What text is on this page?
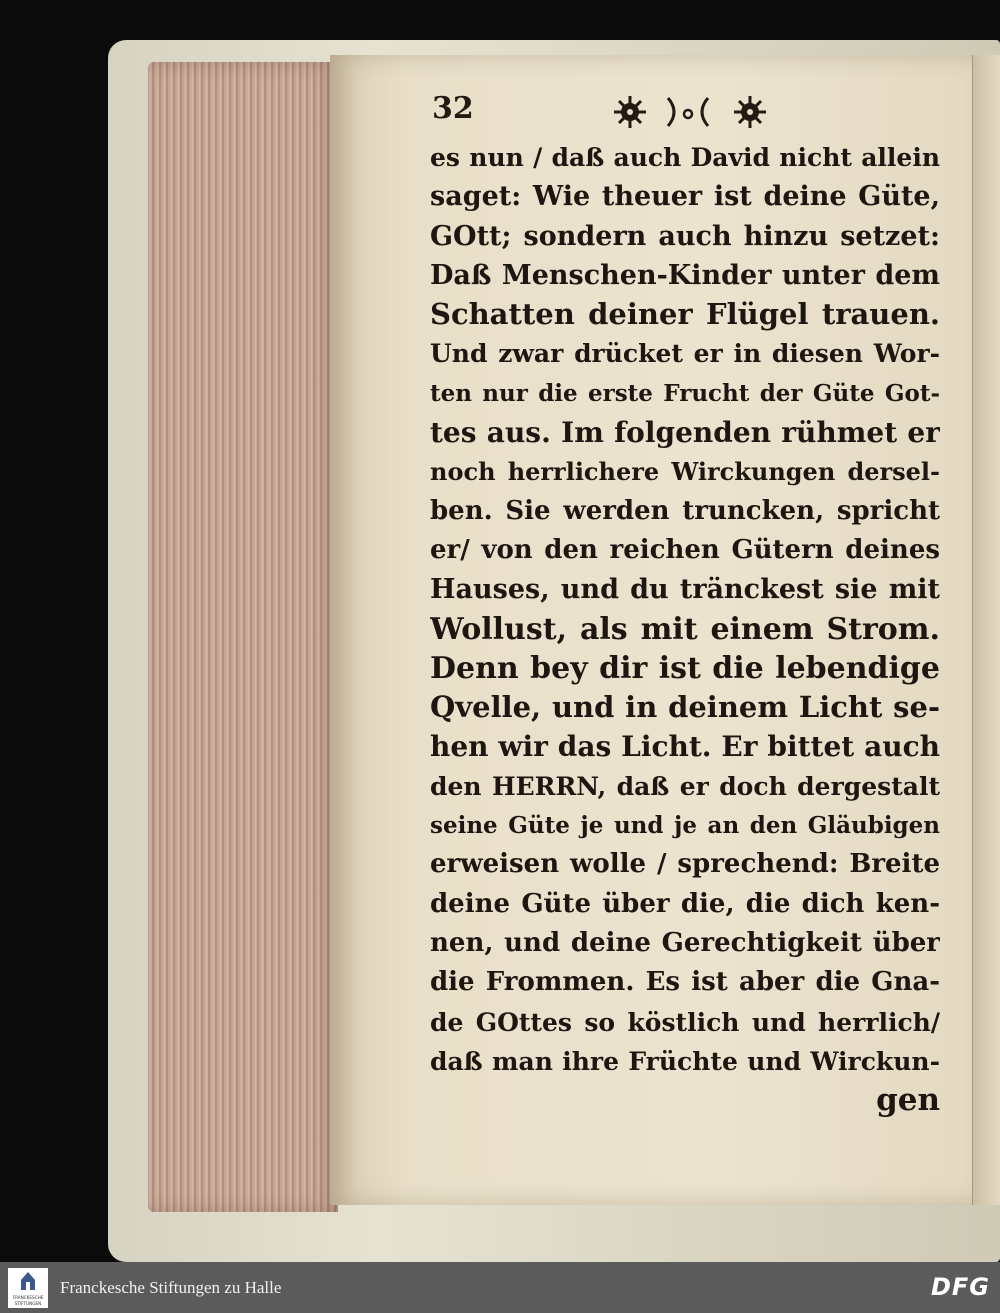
32
es nun / daß auch David nicht allein
saget: Wie theuer ist deine Güte,
GOtt; sondern auch hinzu setzet:
Daß Menschen-Kinder unter dem
Schatten deiner Flügel trauen.
Und zwar drücket er in diesen Wor-
ten nur die erste Frucht der Güte Got-
tes aus. Im folgenden rühmet er
noch herrlichere Wirckungen dersel-
ben. Sie werden truncken, spricht
er/ von den reichen Gütern deines
Hauses, und du tränckest sie mit
Wollust, als mit einem Strom.
Denn bey dir ist die lebendige
Qvelle, und in deinem Licht se-
hen wir das Licht. Er bittet auch
den HERRN, daß er doch dergestalt
seine Güte je und je an den Gläubigen
erweisen wolle / sprechend: Breite
deine Güte über die, die dich ken-
nen, und deine Gerechtigkeit über
die Frommen. Es ist aber die Gna-
de GOttes so köstlich und herrlich/
daß man ihre Früchte und Wirckun-
gen
FRANCKESCHE
STIFTUNGEN
Franckesche Stiftungen zu Halle	DFG
